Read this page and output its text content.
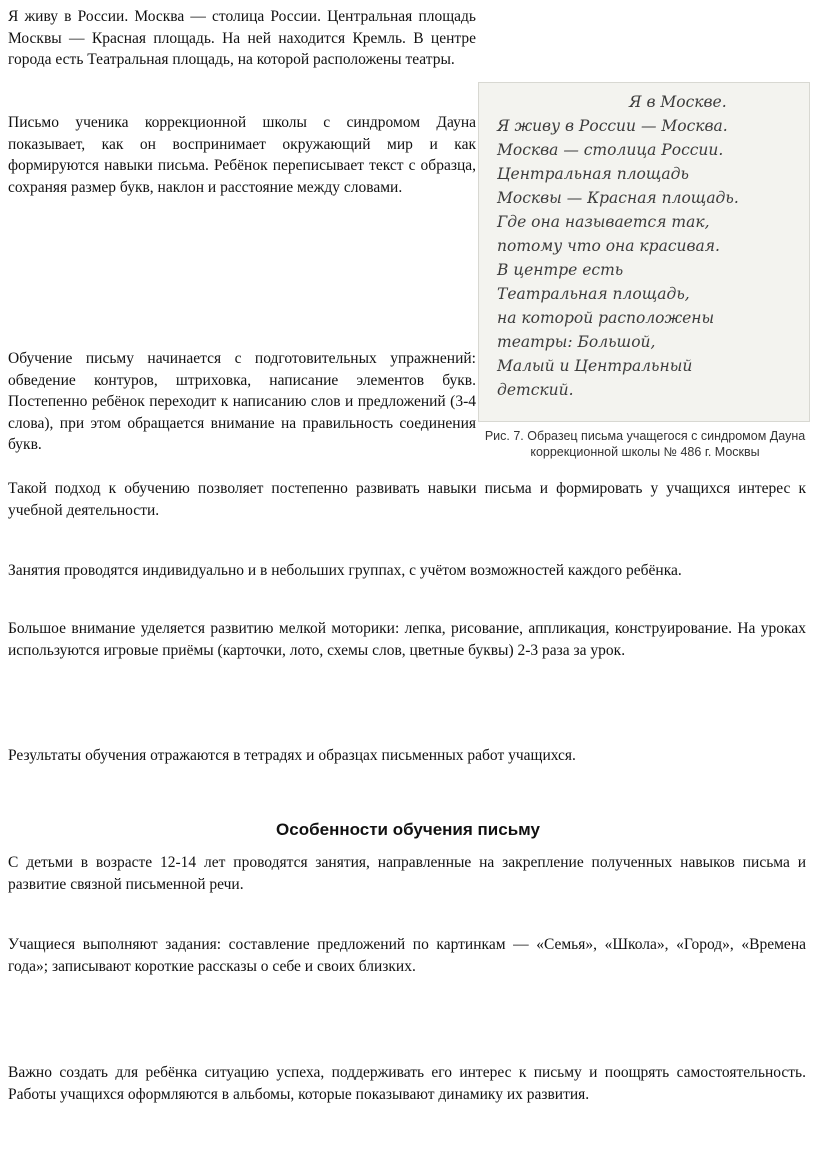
Я живу в России. Москва — столица России. Центральная площадь Москвы — Красная площадь. На ней находится Кремль. В центре города есть Театральная площадь, на которой расположены театры.

Письмо ученика коррекционной школы с синдромом Дауна показывает, как он воспринимает окружающий мир и как формируются навыки письма. Ребёнок переписывает текст с образца, сохраняя размер букв, наклон и расстояние между словами.

Обучение письму начинается с подготовительных упражнений: обведение контуров, штриховка, написание элементов букв. Постепенно ребёнок переходит к написанию слов и предложений (3-4 слова), при этом обращается внимание на правильность соединения букв.

Я в Москве.
Я живу в России — Москва.
Москва — столица России.
Центральная площадь
Москвы — Красная площадь.
Где она называется так,
потому что она красивая.
В центре есть
Театральная площадь,
на которой расположены
театры: Большой,
Малый и Центральный
детский.
Рис. 7. Образец письма учащегося с синдромом Дауна коррекционной школы № 486 г. Москвы

Такой подход к обучению позволяет постепенно развивать навыки письма и формировать у учащихся интерес к учебной деятельности.

Занятия проводятся индивидуально и в небольших группах, с учётом возможностей каждого ребёнка.

Большое внимание уделяется развитию мелкой моторики: лепка, рисование, аппликация, конструирование. На уроках используются игровые приёмы (карточки, лото, схемы слов, цветные буквы) 2-3 раза за урок.

Результаты обучения отражаются в тетрадях и образцах письменных работ учащихся.

Особенности обучения письму

С детьми в возрасте 12-14 лет проводятся занятия, направленные на закрепление полученных навыков письма и развитие связной письменной речи.

Учащиеся выполняют задания: составление предложений по картинкам — «Семья», «Школа», «Город», «Времена года»; записывают короткие рассказы о себе и своих близких.

Важно создать для ребёнка ситуацию успеха, поддерживать его интерес к письму и поощрять самостоятельность. Работы учащихся оформляются в альбомы, которые показывают динамику их развития.
